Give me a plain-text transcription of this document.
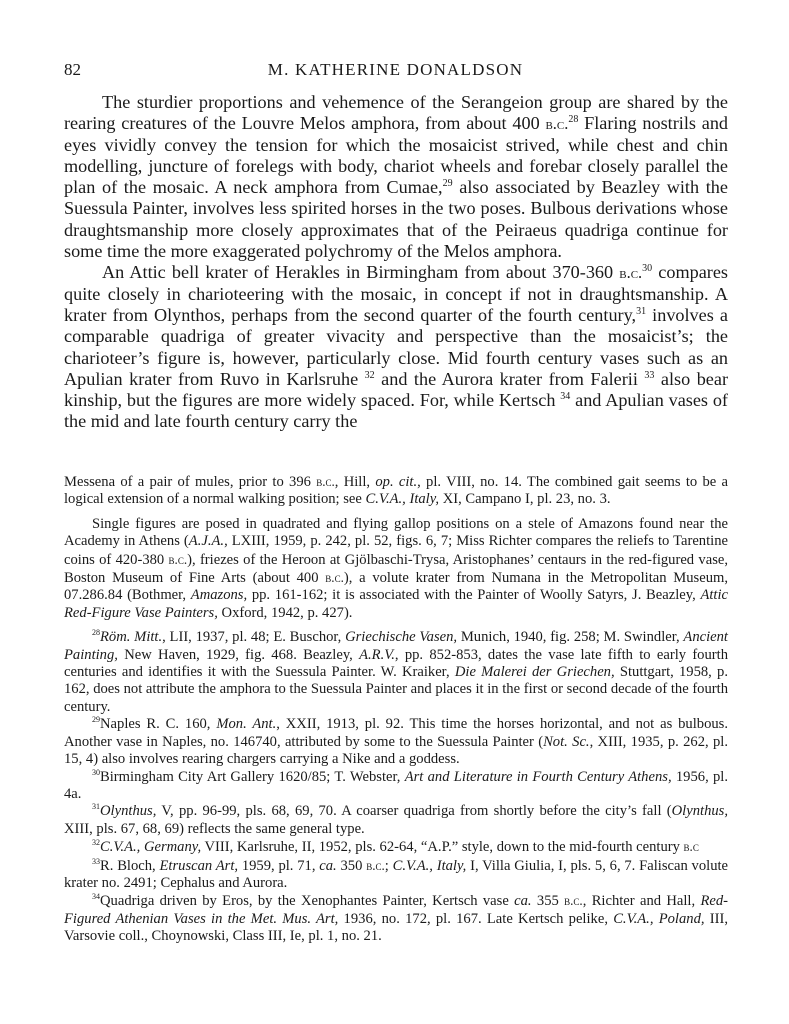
82	M. KATHERINE DONALDSON

The sturdier proportions and vehemence of the Serangeion group are shared by the rearing creatures of the Louvre Melos amphora, from about 400 b.c.$^{28}$ Flaring nostrils and eyes vividly convey the tension for which the mosaicist strived, while chest and chin modelling, juncture of forelegs with body, chariot wheels and forebar closely parallel the plan of the mosaic. A neck amphora from Cumae,$^{29}$ also associated by Beazley with the Suessula Painter, involves less spirited horses in the two poses. Bulbous derivations whose draughtsmanship more closely approximates that of the Peiraeus quadriga continue for some time the more exaggerated polychromy of the Melos amphora.

An Attic bell krater of Herakles in Birmingham from about 370-360 b.c.$^{30}$ compares quite closely in charioteering with the mosaic, in concept if not in draughtsmanship. A krater from Olynthos, perhaps from the second quarter of the fourth century,$^{31}$ involves a comparable quadriga of greater vivacity and perspective than the mosaicist’s; the charioteer’s figure is, however, particularly close. Mid fourth century vases such as an Apulian krater from Ruvo in Karlsruhe $^{32}$ and the Aurora krater from Falerii $^{33}$ also bear kinship, but the figures are more widely spaced. For, while Kertsch $^{34}$ and Apulian vases of the mid and late fourth century carry the

Messena of a pair of mules, prior to 396 b.c., Hill, op. cit., pl. VIII, no. 14. The combined gait seems to be a logical extension of a normal walking position; see C.V.A., Italy, XI, Campano I, pl. 23, no. 3.

Single figures are posed in quadrated and flying gallop positions on a stele of Amazons found near the Academy in Athens (A.J.A., LXIII, 1959, p. 242, pl. 52, figs. 6, 7; Miss Richter compares the reliefs to Tarentine coins of 420-380 b.c.), friezes of the Heroon at Gjölbaschi-Trysa, Aristophanes’ centaurs in the red-figured vase, Boston Museum of Fine Arts (about 400 b.c.), a volute krater from Numana in the Metropolitan Museum, 07.286.84 (Bothmer, Amazons, pp. 161-162; it is associated with the Painter of Woolly Satyrs, J. Beazley, Attic Red-Figure Vase Painters, Oxford, 1942, p. 427).

$^{28}$Röm. Mitt., LII, 1937, pl. 48; E. Buschor, Griechische Vasen, Munich, 1940, fig. 258; M. Swindler, Ancient Painting, New Haven, 1929, fig. 468. Beazley, A.R.V., pp. 852-853, dates the vase late fifth to early fourth centuries and identifies it with the Suessula Painter. W. Kraiker, Die Malerei der Griechen, Stuttgart, 1958, p. 162, does not attribute the amphora to the Suessula Painter and places it in the first or second decade of the fourth century.

$^{29}$Naples R. C. 160, Mon. Ant., XXII, 1913, pl. 92. This time the horses horizontal, and not as bulbous. Another vase in Naples, no. 146740, attributed by some to the Suessula Painter (Not. Sc., XIII, 1935, p. 262, pl. 15, 4) also involves rearing chargers carrying a Nike and a goddess.

$^{30}$Birmingham City Art Gallery 1620/85; T. Webster, Art and Literature in Fourth Century Athens, 1956, pl. 4a.

$^{31}$Olynthus, V, pp. 96-99, pls. 68, 69, 70. A coarser quadriga from shortly before the city’s fall (Olynthus, XIII, pls. 67, 68, 69) reflects the same general type.

$^{32}$C.V.A., Germany, VIII, Karlsruhe, II, 1952, pls. 62-64, “A.P.” style, down to the mid-fourth century b.c

$^{33}$R. Bloch, Etruscan Art, 1959, pl. 71, ca. 350 b.c.; C.V.A., Italy, I, Villa Giulia, I, pls. 5, 6, 7. Faliscan volute krater no. 2491; Cephalus and Aurora.

$^{34}$Quadriga driven by Eros, by the Xenophantes Painter, Kertsch vase ca. 355 b.c., Richter and Hall, Red-Figured Athenian Vases in the Met. Mus. Art, 1936, no. 172, pl. 167. Late Kertsch pelike, C.V.A., Poland, III, Varsovie coll., Choynowski, Class III, Ie, pl. 1, no. 21.
